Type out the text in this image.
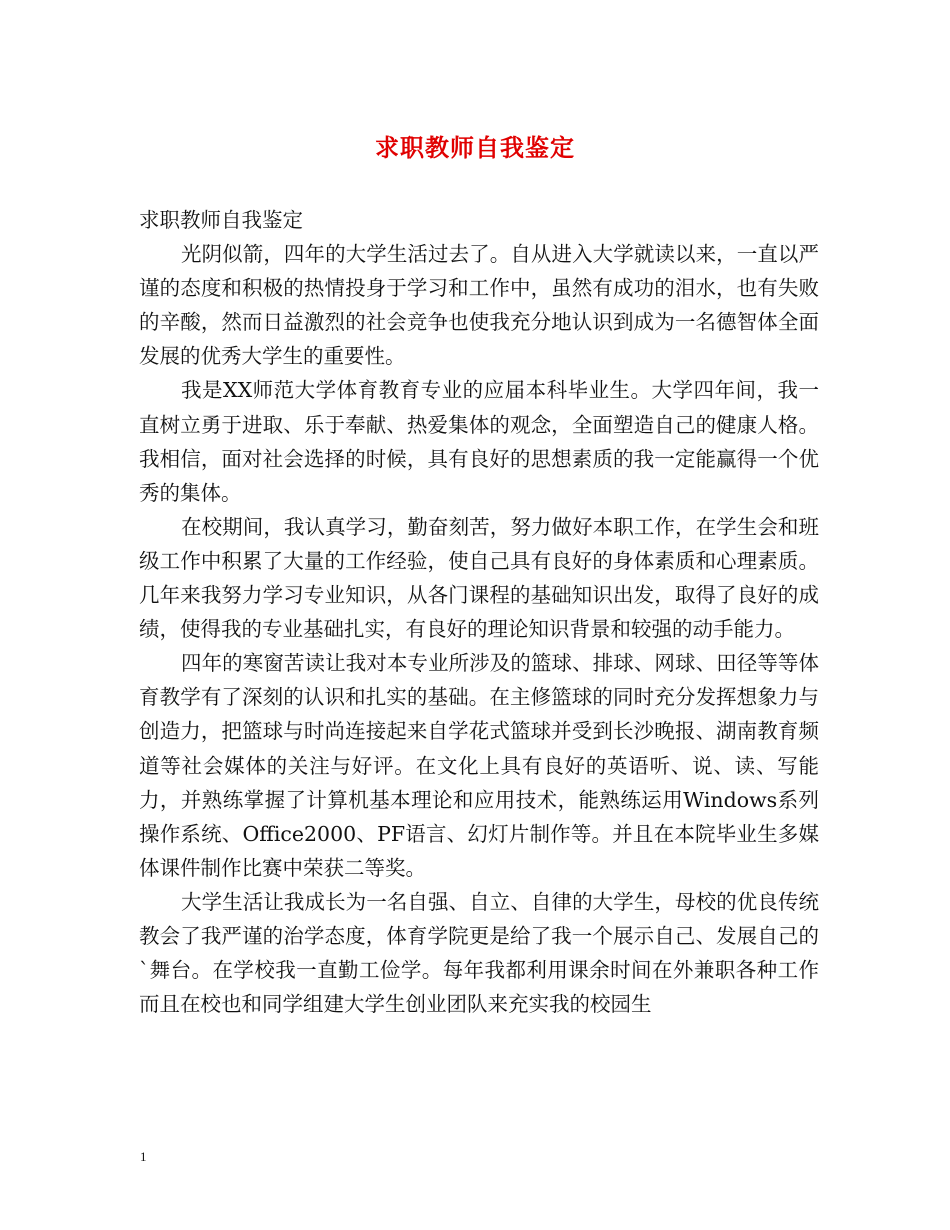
求职教师自我鉴定

求职教师自我鉴定

光阴似箭，四年的大学生活过去了。自从进入大学就读以来，一直以严谨的态度和积极的热情投身于学习和工作中，虽然有成功的泪水，也有失败的辛酸，然而日益激烈的社会竞争也使我充分地认识到成为一名德智体全面发展的优秀大学生的重要性。

我是XX师范大学体育教育专业的应届本科毕业生。大学四年间，我一直树立勇于进取、乐于奉献、热爱集体的观念，全面塑造自己的健康人格。我相信，面对社会选择的时候，具有良好的思想素质的我一定能赢得一个优秀的集体。

在校期间，我认真学习，勤奋刻苦，努力做好本职工作，在学生会和班级工作中积累了大量的工作经验，使自己具有良好的身体素质和心理素质。几年来我努力学习专业知识，从各门课程的基础知识出发，取得了良好的成绩，使得我的专业基础扎实，有良好的理论知识背景和较强的动手能力。

四年的寒窗苦读让我对本专业所涉及的篮球、排球、网球、田径等等体育教学有了深刻的认识和扎实的基础。在主修篮球的同时充分发挥想象力与创造力，把篮球与时尚连接起来自学花式篮球并受到长沙晚报、湖南教育频道等社会媒体的关注与好评。在文化上具有良好的英语听、说、读、写能力，并熟练掌握了计算机基本理论和应用技术，能熟练运用Windows系列操作系统、Office2000、PF语言、幻灯片制作等。并且在本院毕业生多媒体课件制作比赛中荣获二等奖。

大学生活让我成长为一名自强、自立、自律的大学生，母校的优良传统教会了我严谨的治学态度，体育学院更是给了我一个展示自己、发展自己的`舞台。在学校我一直勤工俭学。每年我都利用课余时间在外兼职各种工作而且在校也和同学组建大学生创业团队来充实我的校园生

1
